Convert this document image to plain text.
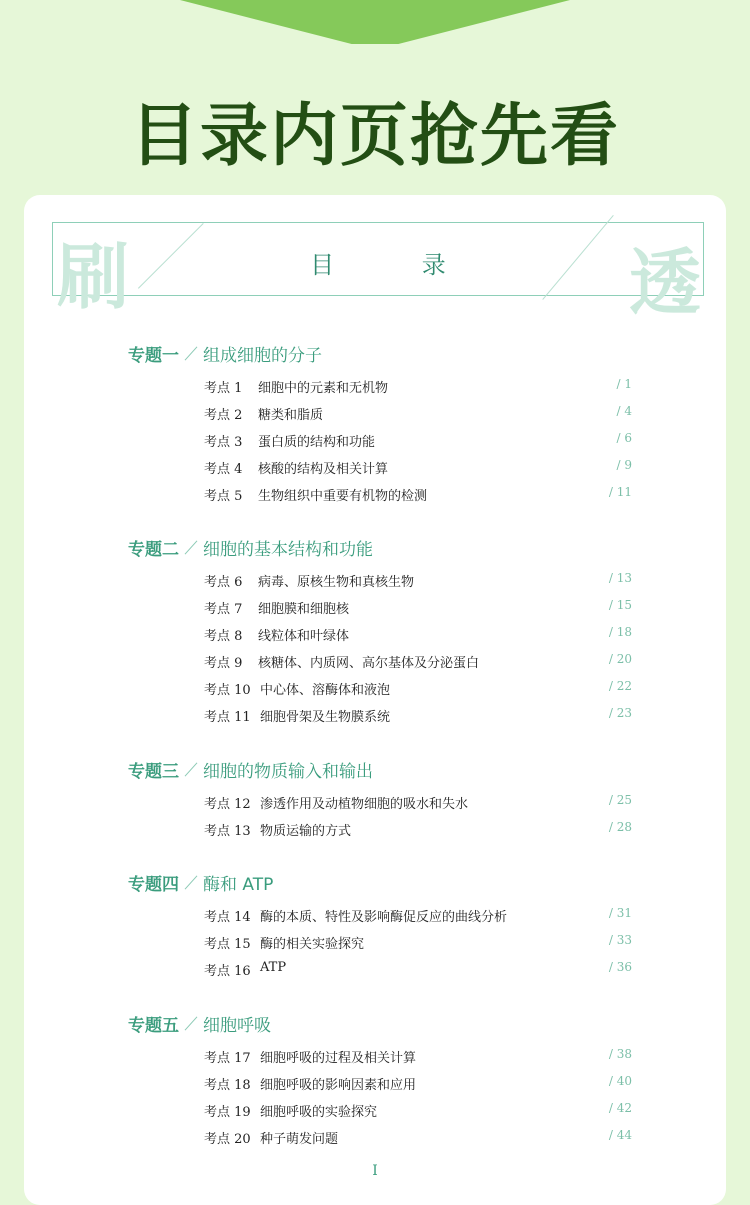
目录内页抢先看
刷	目 录	透
专题一 组成细胞的分子
考点 1 细胞中的元素和无机物	/ 1
考点 2 糖类和脂质	/ 4
考点 3 蛋白质的结构和功能	/ 6
考点 4 核酸的结构及相关计算	/ 9
考点 5 生物组织中重要有机物的检测	/ 11
专题二 细胞的基本结构和功能
考点 6 病毒、原核生物和真核生物	/ 13
考点 7 细胞膜和细胞核	/ 15
考点 8 线粒体和叶绿体	/ 18
考点 9 核糖体、内质网、高尔基体及分泌蛋白	/ 20
考点 10 中心体、溶酶体和液泡	/ 22
考点 11 细胞骨架及生物膜系统	/ 23
专题三 细胞的物质输入和输出
考点 12 渗透作用及动植物细胞的吸水和失水	/ 25
考点 13 物质运输的方式	/ 28
专题四 酶和 ATP
考点 14 酶的本质、特性及影响酶促反应的曲线分析	/ 31
考点 15 酶的相关实验探究	/ 33
考点 16 ATP	/ 36
专题五 细胞呼吸
考点 17 细胞呼吸的过程及相关计算	/ 38
考点 18 细胞呼吸的影响因素和应用	/ 40
考点 19 细胞呼吸的实验探究	/ 42
考点 20 种子萌发问题	/ 44
I
